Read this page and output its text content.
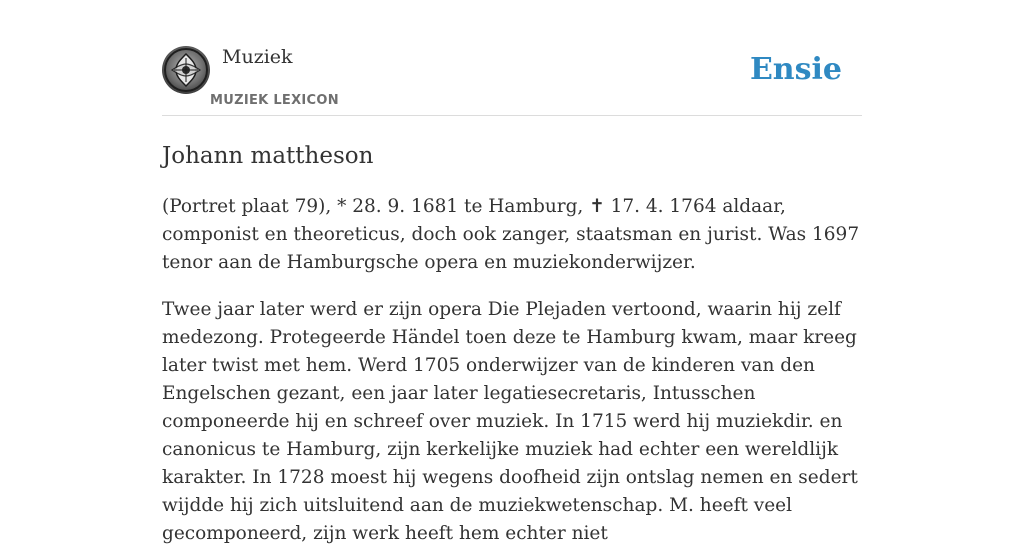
Muziek
MUZIEK LEXICON
Ensie
Johann mattheson

(Portret plaat 79), * 28. 9. 1681 te Hamburg, ✝ 17. 4. 1764 aldaar, componist en theoreticus, doch ook zanger, staatsman en jurist. Was 1697 tenor aan de Hamburgsche opera en muziekonderwijzer.

Twee jaar later werd er zijn opera Die Plejaden vertoond, waarin hij zelf medezong. Protegeerde Händel toen deze te Hamburg kwam, maar kreeg later twist met hem. Werd 1705 onderwijzer van de kinderen van den Engelschen gezant, een jaar later legatiesecretaris, Intusschen componeerde hij en schreef over muziek. In 1715 werd hij muziekdir. en canonicus te Hamburg, zijn kerkelijke muziek had echter een wereldlijk karakter. In 1728 moest hij wegens doofheid zijn ontslag nemen en sedert wijdde hij zich uitsluitend aan de muziekwetenschap. M. heeft veel gecomponeerd, zijn werk heeft hem echter niet
